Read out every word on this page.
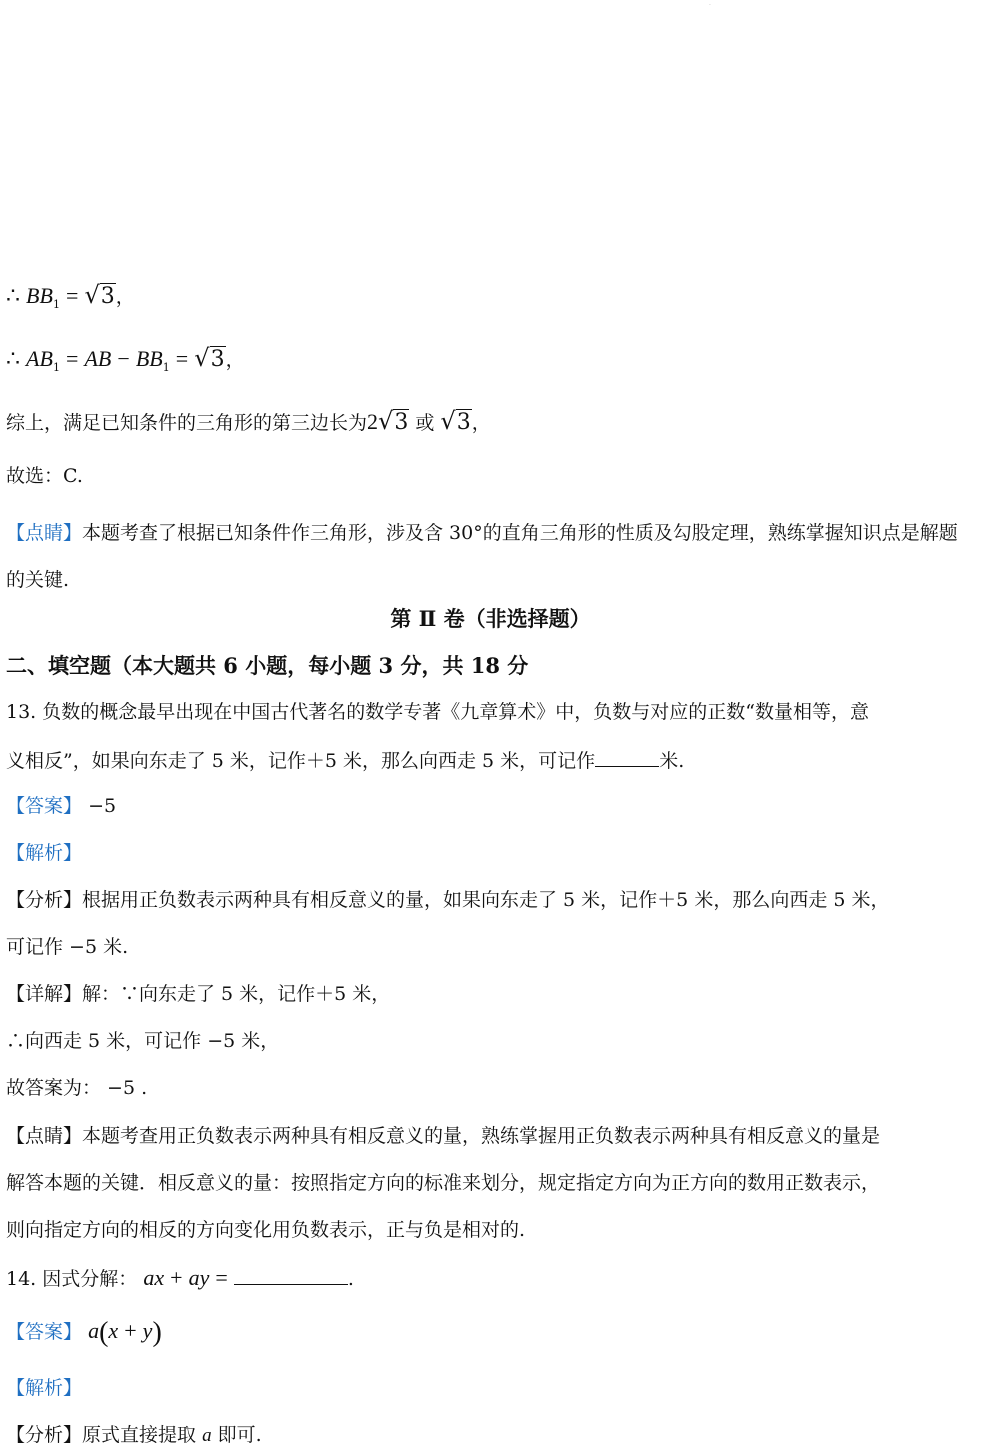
·
∴ $BB_1 = √3$，
∴ $AB_1$ = AB − $BB_1 = √3$，
综上，满足已知条件的三角形的第三边长为2√3 或 √3，
故选：C.
【点睛】本题考查了根据已知条件作三角形，涉及含 30°的直角三角形的性质及勾股定理，熟练掌握知识点是解题的关键.
第 Ⅱ 卷（非选择题）
二、填空题（本大题共 6 小题，每小题 3 分，共 18 分
13. 负数的概念最早出现在中国古代著名的数学专著《九章算术》中，负数与对应的正数“数量相等，意
义相反”，如果向东走了 5 米，记作＋5 米，那么向西走 5 米，可记作	米.
【答案】 −5
【解析】
【分析】根据用正负数表示两种具有相反意义的量，如果向东走了 5 米，记作＋5 米，那么向西走 5 米，
可记作 −5 米.
【详解】解：∵向东走了 5 米，记作＋5 米，
∴向西走 5 米，可记作 −5 米，
故答案为： −5 .
【点睛】本题考查用正负数表示两种具有相反意义的量，熟练掌握用正负数表示两种具有相反意义的量是
解答本题的关键．相反意义的量：按照指定方向的标准来划分，规定指定方向为正方向的数用正数表示，
则向指定方向的相反的方向变化用负数表示，正与负是相对的.
14. 因式分解： ax + ay =	.
【答案】 a(x + y)
【解析】
【分析】原式直接提取 a 即可.
